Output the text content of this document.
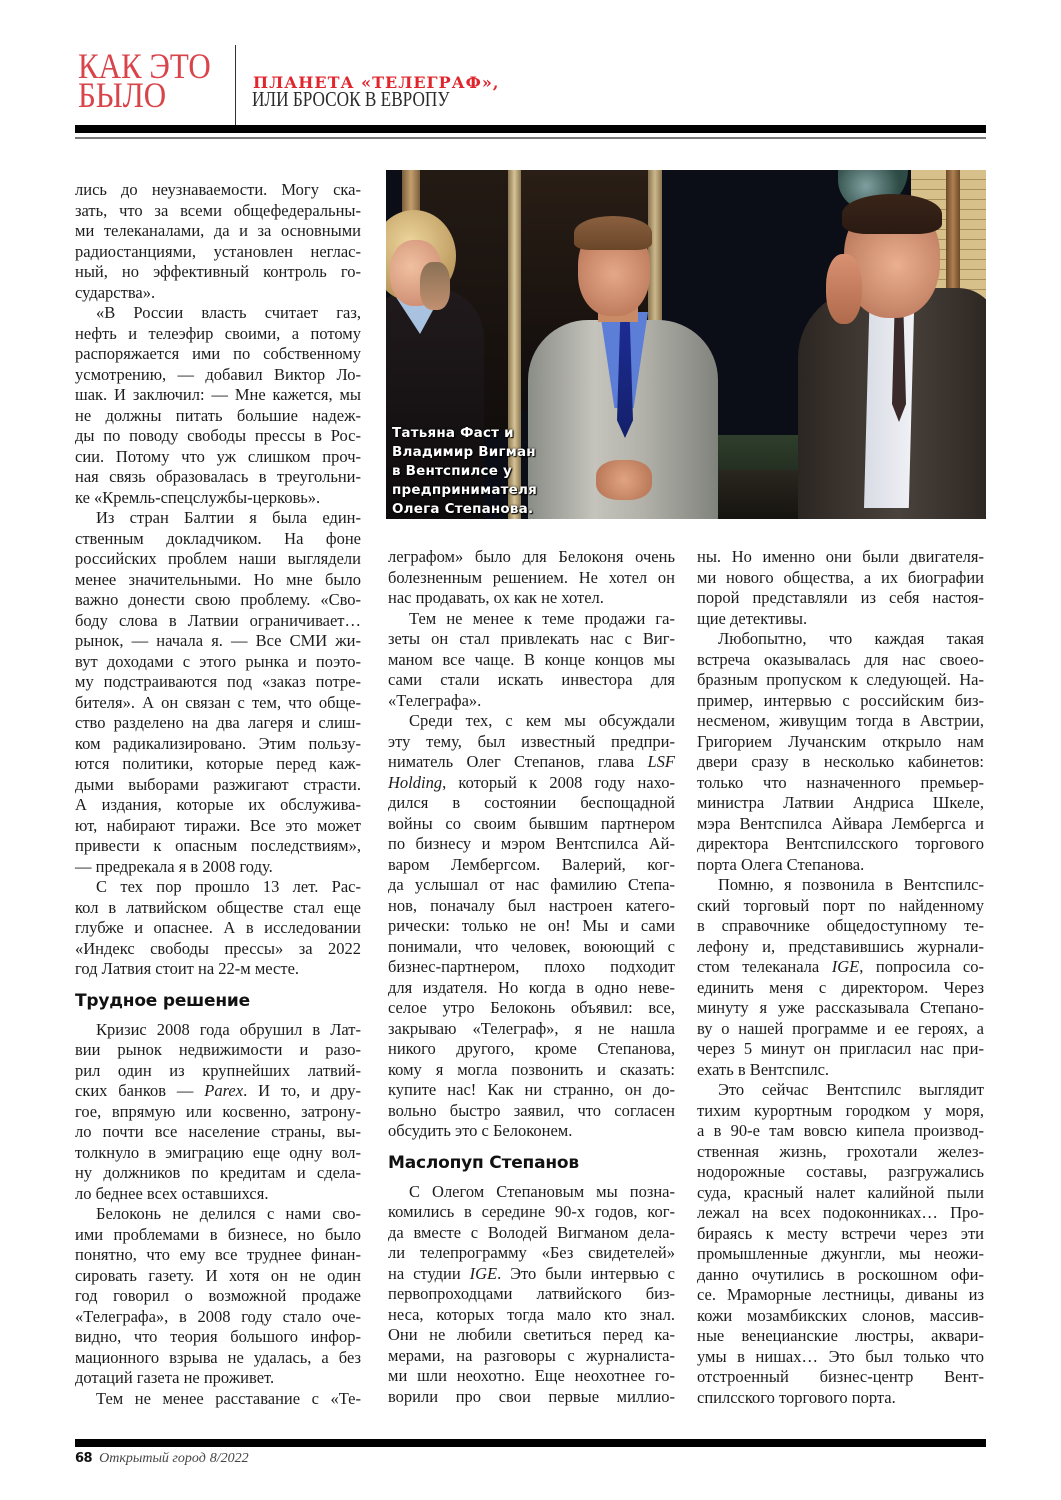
КАК ЭТО
БЫЛО	ПЛАНЕТА «ТЕЛЕГРАФ»,
ИЛИ БРОСОК В ЕВРОПУ
Татьяна Фаст и
Владимир Вигман
в Вентспилсе у
предпринимателя
Олега Степанова.
лись до неузнаваемости. Могу ска-
зать, что за всеми общефедеральны-
ми телеканалами, да и за основными
радиостанциями, установлен неглас-
ный, но эффективный контроль го-
сударства».
«В России власть считает газ,
нефть и телеэфир своими, а потому
распоряжается ими по собственному
усмотрению, — добавил Виктор Ло-
шак. И заключил: — Мне кажется, мы
не должны питать большие надеж-
ды по поводу свободы прессы в Рос-
сии. Потому что уж слишком проч-
ная связь образовалась в треугольни-
ке «Кремль-спецслужбы-церковь».
Из стран Балтии я была един-
ственным докладчиком. На фоне
российских проблем наши выглядели
менее значительными. Но мне было
важно донести свою проблему. «Сво-
боду слова в Латвии ограничивает…
рынок, — начала я. — Все СМИ жи-
вут доходами с этого рынка и поэто-
му подстраиваются под «заказ потре-
бителя». А он связан с тем, что обще-
ство разделено на два лагеря и слиш-
ком радикализировано. Этим пользу-
ются политики, которые перед каж-
дыми выборами разжигают страсти.
А издания, которые их обслужива-
ют, набирают тиражи. Все это может
привести к опасным последствиям»,
— предрекала я в 2008 году.
С тех пор прошло 13 лет. Рас-
кол в латвийском обществе стал еще
глубже и опаснее. А в исследовании
«Индекс свободы прессы» за 2022
год Латвия стоит на 22-м месте.
Трудное решение
Кризис 2008 года обрушил в Лат-
вии рынок недвижимости и разо-
рил один из крупнейших латвий-
ских банков — Parex. И то, и дру-
гое, впрямую или косвенно, затрону-
ло почти все население страны, вы-
толкнуло в эмиграцию еще одну вол-
ну должников по кредитам и сдела-
ло беднее всех оставшихся.
Белоконь не делился с нами сво-
ими проблемами в бизнесе, но было
понятно, что ему все труднее финан-
сировать газету. И хотя он не один
год говорил о возможной продаже
«Телеграфа», в 2008 году стало оче-
видно, что теория большого инфор-
мационного взрыва не удалась, а без
дотаций газета не проживет.
Тем не менее расставание с «Те-
леграфом» было для Белоконя очень
болезненным решением. Не хотел он
нас продавать, ох как не хотел.
Тем не менее к теме продажи га-
зеты он стал привлекать нас с Виг-
маном все чаще. В конце концов мы
сами стали искать инвестора для
«Телеграфа».
Среди тех, с кем мы обсуждали
эту тему, был известный предпри-
ниматель Олег Степанов, глава LSF
Holding, который к 2008 году нахо-
дился в состоянии беспощадной
войны со своим бывшим партнером
по бизнесу и мэром Вентспилса Ай-
варом Лембергсом. Валерий, ког-
да услышал от нас фамилию Степа-
нов, поначалу был настроен катего-
рически: только не он! Мы и сами
понимали, что человек, воюющий с
бизнес-партнером, плохо подходит
для издателя. Но когда в одно неве-
селое утро Белоконь объявил: все,
закрываю «Телеграф», я не нашла
никого другого, кроме Степанова,
кому я могла позвонить и сказать:
купите нас! Как ни странно, он до-
вольно быстро заявил, что согласен
обсудить это с Белоконем.
Маслопуп Степанов
С Олегом Степановым мы позна-
комились в середине 90-х годов, ког-
да вместе с Володей Вигманом дела-
ли телепрограмму «Без свидетелей»
на студии IGE. Это были интервью с
первопроходцами латвийского биз-
неса, которых тогда мало кто знал.
Они не любили светиться перед ка-
мерами, на разговоры с журналиста-
ми шли неохотно. Еще неохотнее го-
ворили про свои первые миллио-
ны. Но именно они были двигателя-
ми нового общества, а их биографии
порой представляли из себя настоя-
щие детективы.
Любопытно, что каждая такая
встреча оказывалась для нас своео-
бразным пропуском к следующей. На-
пример, интервью с российским биз-
несменом, живущим тогда в Австрии,
Григорием Лучанским открыло нам
двери сразу в несколько кабинетов:
только что назначенного премьер-
министра Латвии Андриса Шкеле,
мэра Вентспилса Айвара Лембергса и
директора Вентспилсского торгового
порта Олега Степанова.
Помню, я позвонила в Вентспилс-
ский торговый порт по найденному
в справочнике общедоступному те-
лефону и, представившись журнали-
стом телеканала IGE, попросила со-
единить меня с директором. Через
минуту я уже рассказывала Степано-
ву о нашей программе и ее героях, а
через 5 минут он пригласил нас при-
ехать в Вентспилс.
Это сейчас Вентспилс выглядит
тихим курортным городком у моря,
а в 90-е там вовсю кипела производ-
ственная жизнь, грохотали желез-
нодорожные составы, разгружались
суда, красный налет калийной пыли
лежал на всех подоконниках… Про-
бираясь к месту встречи через эти
промышленные джунгли, мы неожи-
данно очутились в роскошном офи-
се. Мраморные лестницы, диваны из
кожи мозамбикских слонов, массив-
ные венецианские люстры, аквари-
умы в нишах… Это был только что
отстроенный бизнес-центр Вент-
спилсского торгового порта.
68 Открытый город 8/2022
